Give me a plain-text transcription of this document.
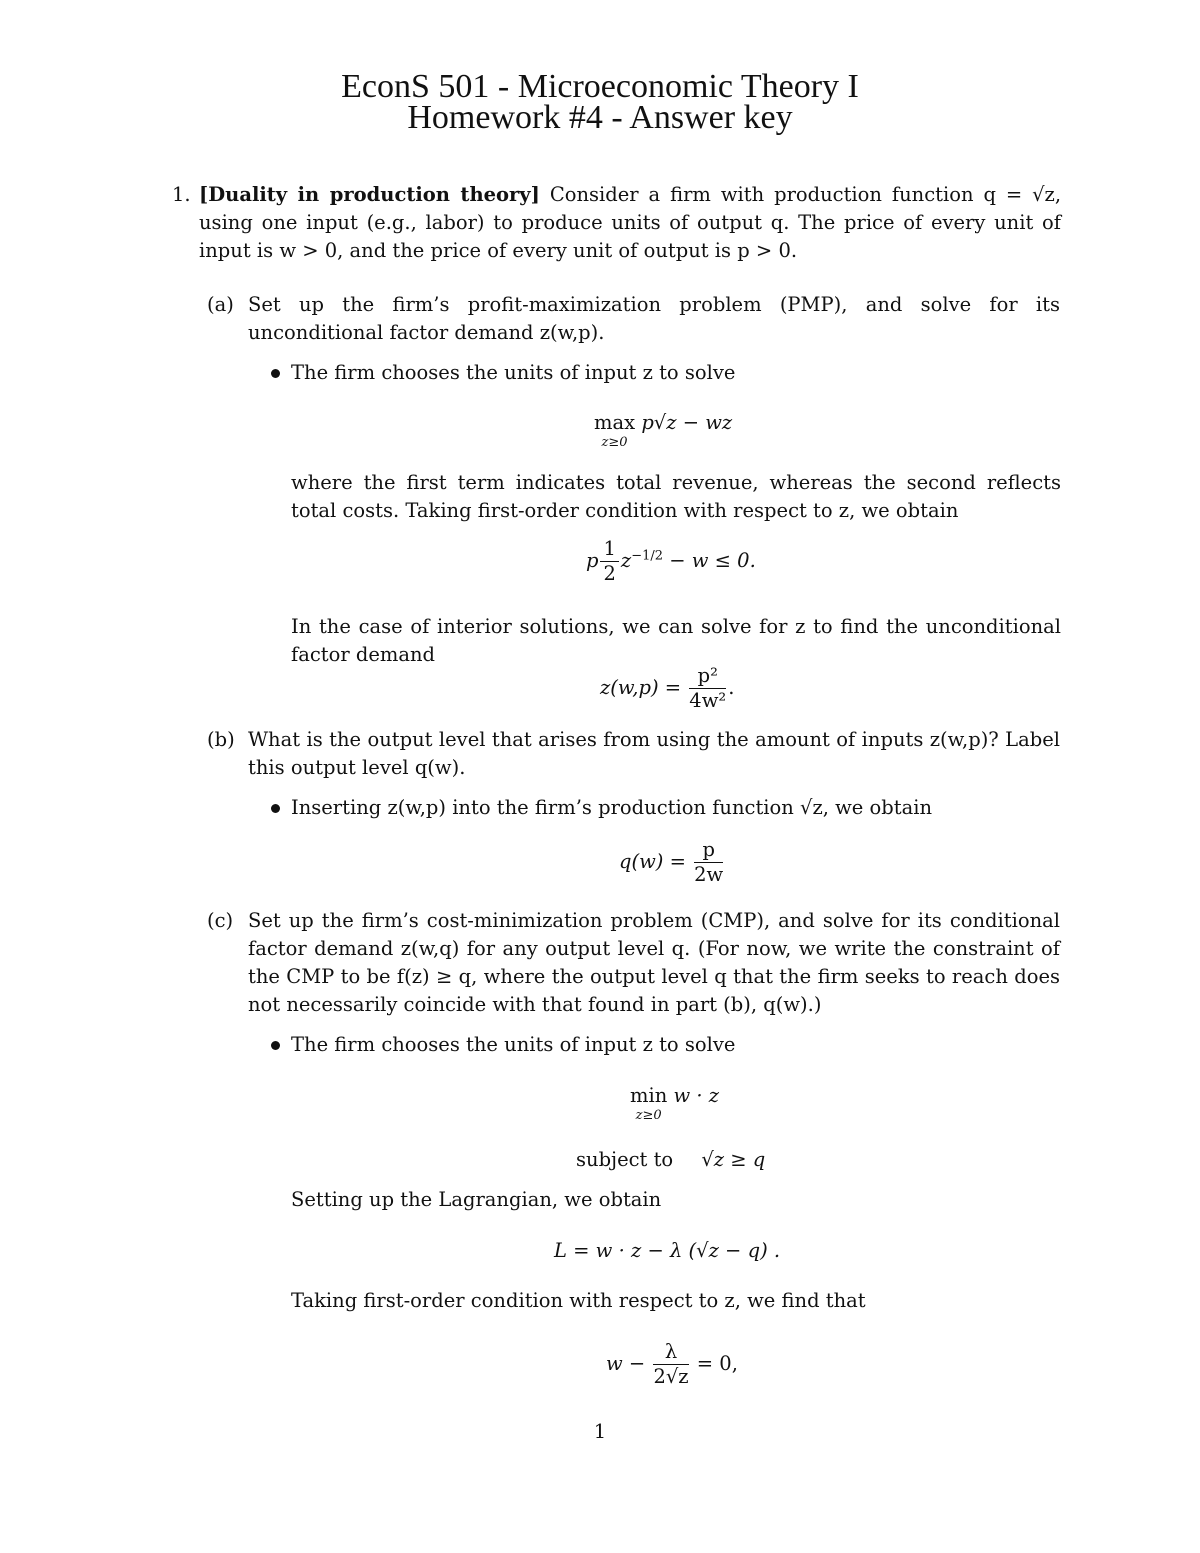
EconS 501 - Microeconomic Theory I
Homework #4 - Answer key
1. [Duality in production theory] Consider a firm with production function q = √z, using one input (e.g., labor) to produce units of output q. The price of every unit of input is w > 0, and the price of every unit of output is p > 0.

(a) Set up the firm’s profit-maximization problem (PMP), and solve for its unconditional factor demand z(w,p).

The firm chooses the units of input z to solve

max
z≥0
p√z − wz

where the first term indicates total revenue, whereas the second reflects total costs. Taking first-order condition with respect to z, we obtain

p $\frac{1}{2} z^{-1/2} - w \le 0$.

In the case of interior solutions, we can solve for z to find the unconditional factor demand

$z(w,p) = \frac{\text{p²}}{\text{4w²}}$ .
(b) What is the output level that arises from using the amount of inputs z(w,p)? Label this output level q(w).

Inserting z(w,p) into the firm’s production function √z, we obtain

$q(w) = \frac{p}{2w}$
(c) Set up the firm’s cost-minimization problem (CMP), and solve for its conditional factor demand z(w,q) for any output level q. (For now, we write the constraint of the CMP to be f(z) ≥ q, where the output level q that the firm seeks to reach does not necessarily coincide with that found in part (b), q(w).)

The firm chooses the units of input z to solve

min
z≥0
w · z
subject to √z ≥ q

Setting up the Lagrangian, we obtain

L = w · z − λ (√z − q) .

Taking first-order condition with respect to z, we find that

$w - \frac{\lambda}{2√z} = 0$,
1
